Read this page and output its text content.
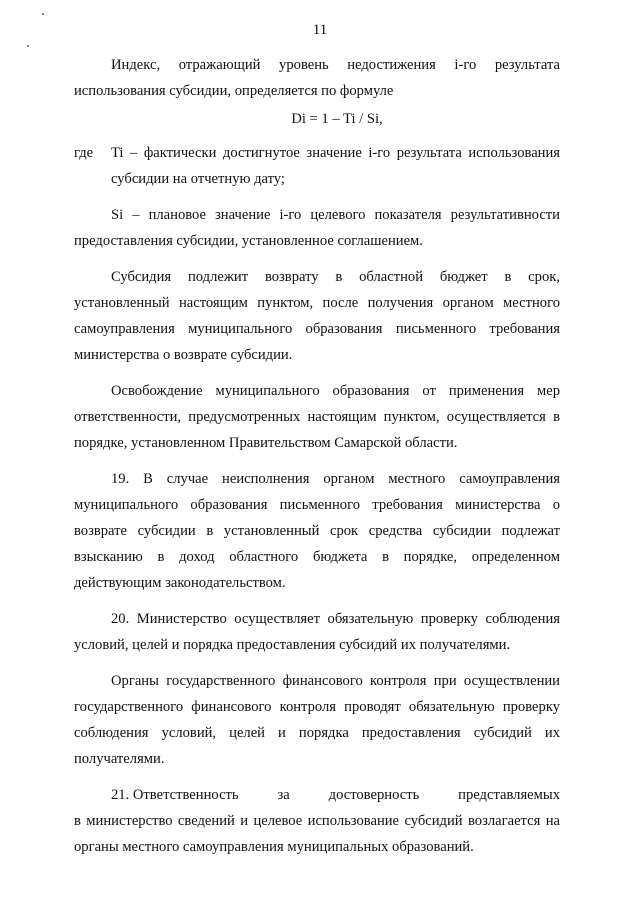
11

Индекс, отражающий уровень недостижения i-го результата использования субсидии, определяется по формуле

Di = 1 – Ti / Si,

где	Ti – фактически достигнутое значение i-го результата использования субсидии на отчетную дату;

Si – плановое значение i-го целевого показателя результативности предоставления субсидии, установленное соглашением.

Субсидия подлежит возврату в областной бюджет в срок, установленный настоящим пунктом, после получения органом местного самоуправления муниципального образования письменного требования министерства о возврате субсидии.

Освобождение муниципального образования от применения мер ответственности, предусмотренных настоящим пунктом, осуществляется в порядке, установленном Правительством Самарской области.

19. В случае неисполнения органом местного самоуправления муниципального образования письменного требования министерства о возврате субсидии в установленный срок средства субсидии подлежат взысканию в доход областного бюджета в порядке, определенном действующим законодательством.

20. Министерство осуществляет обязательную проверку соблюдения условий, целей и порядка предоставления субсидий их получателями.

Органы государственного финансового контроля при осуществлении государственного финансового контроля проводят обязательную проверку соблюдения условий, целей и порядка предоставления субсидий их получателями.

21. Ответственность	за	достоверность	представляемых

в министерство сведений и целевое использование субсидий возлагается на органы местного самоуправления муниципальных образований.
